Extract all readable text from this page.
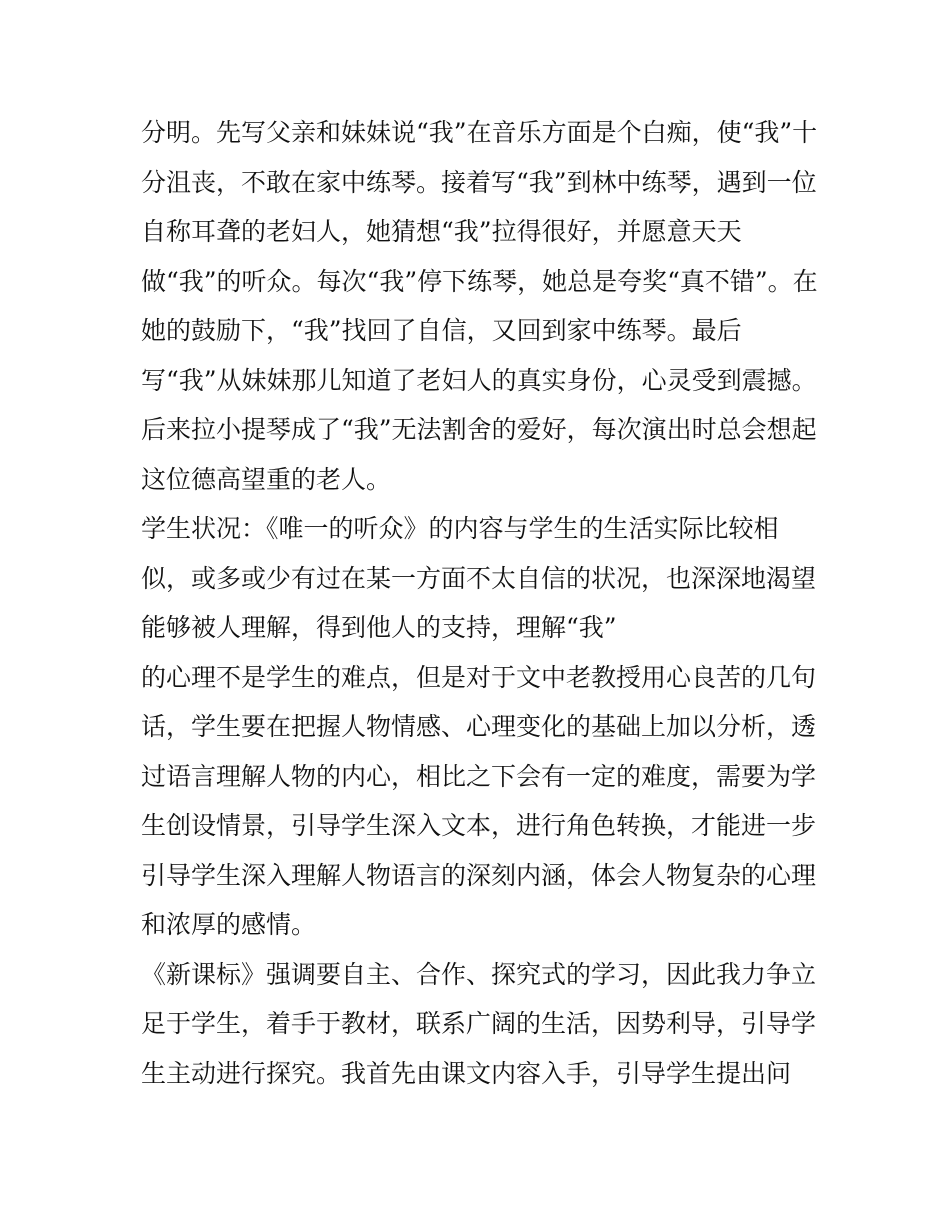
分明。先写父亲和妹妹说“我”在音乐方面是个白痴，使“我”十
分沮丧，不敢在家中练琴。接着写“我”到林中练琴，遇到一位
自称耳聋的老妇人，她猜想“我”拉得很好，并愿意天天
做“我”的听众。每次“我”停下练琴，她总是夸奖“真不错”。在
她的鼓励下，“我”找回了自信，又回到家中练琴。最后
写“我”从妹妹那儿知道了老妇人的真实身份，心灵受到震撼。
后来拉小提琴成了“我”无法割舍的爱好，每次演出时总会想起
这位德高望重的老人。
学生状况：《唯一的听众》的内容与学生的生活实际比较相
似，或多或少有过在某一方面不太自信的状况，也深深地渴望
能够被人理解，得到他人的支持，理解“我”
的心理不是学生的难点，但是对于文中老教授用心良苦的几句
话，学生要在把握人物情感、心理变化的基础上加以分析，透
过语言理解人物的内心，相比之下会有一定的难度，需要为学
生创设情景，引导学生深入文本，进行角色转换，才能进一步
引导学生深入理解人物语言的深刻内涵，体会人物复杂的心理
和浓厚的感情。
《新课标》强调要自主、合作、探究式的学习，因此我力争立
足于学生，着手于教材，联系广阔的生活，因势利导，引导学
生主动进行探究。我首先由课文内容入手，引导学生提出问
